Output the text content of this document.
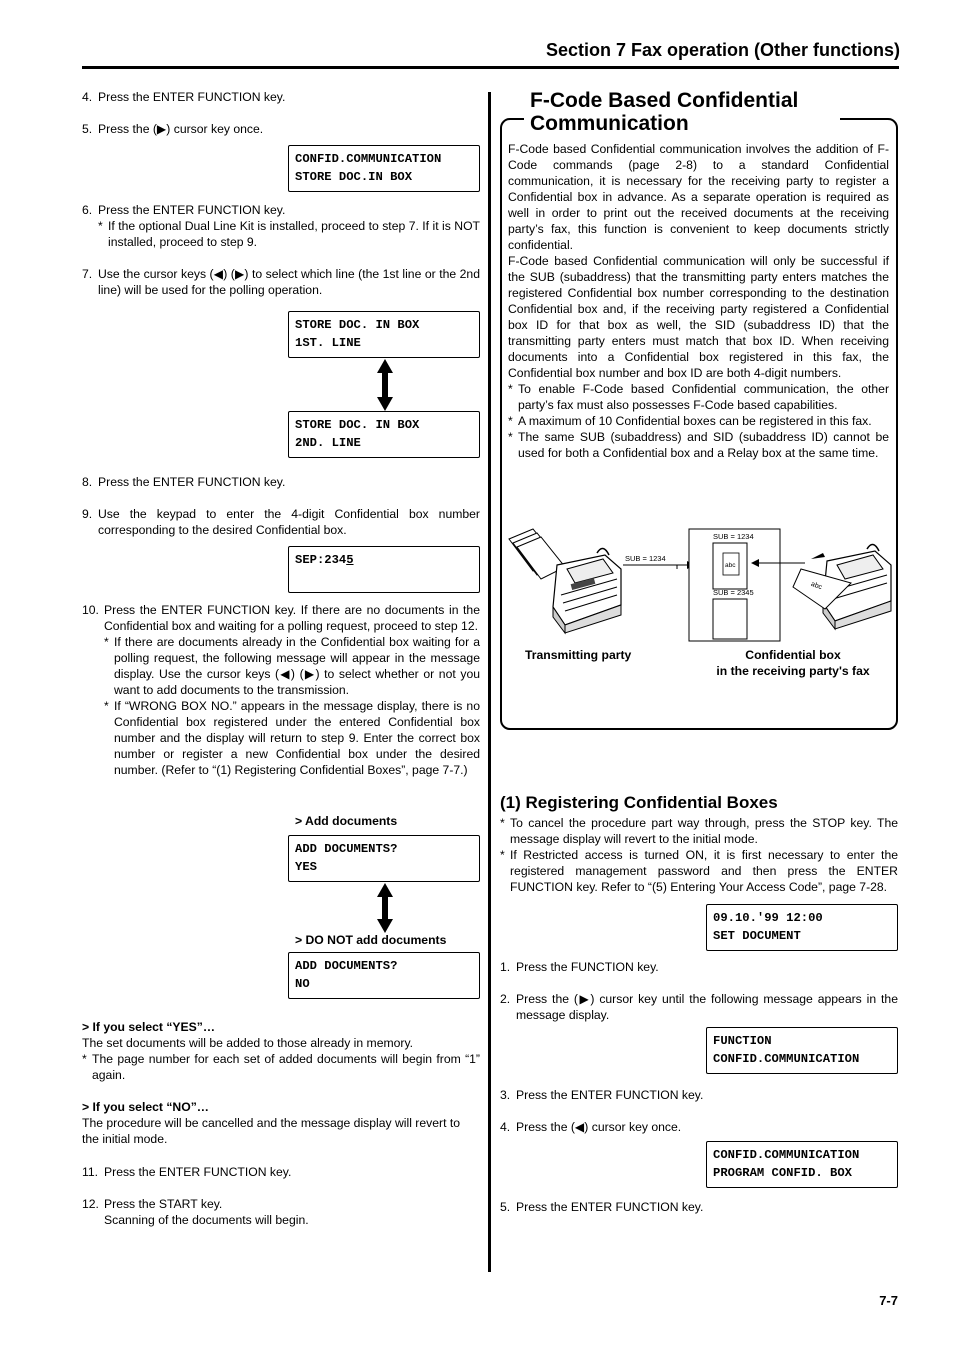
Section 7 Fax operation (Other functions)
4. Press the ENTER FUNCTION key.
5. Press the (▶) cursor key once.
CONFID.COMMUNICATION
STORE DOC.IN BOX
6. Press the ENTER FUNCTION key.
* If the optional Dual Line Kit is installed, proceed to step 7. If it is NOT installed, proceed to step 9.
7. Use the cursor keys (◀) (▶) to select which line (the 1st line or the 2nd line) will be used for the polling operation.
STORE DOC. IN BOX
1ST. LINE
STORE DOC. IN BOX
2ND. LINE
8. Press the ENTER FUNCTION key.
9. Use the keypad to enter the 4-digit Confidential box number corresponding to the desired Confidential box.
SEP:2345
10. Press the ENTER FUNCTION key. If there are no documents in the Confidential box and waiting for a polling request, proceed to step 12.
* If there are documents already in the Confidential box waiting for a polling request, the following message will appear in the message display. Use the cursor keys (◀) (▶) to select whether or not you want to add documents to the transmission.
* If “WRONG BOX NO.” appears in the message display, there is no Confidential box registered under the entered Confidential box number and the display will return to step 9. Enter the correct box number or register a new Confidential box under the desired number. (Refer to “(1) Registering Confidential Boxes”, page 7-7.)
> Add documents
ADD DOCUMENTS?
YES
> DO NOT add documents
ADD DOCUMENTS?
NO

> If you select “YES”…

The set documents will be added to those already in memory.

* The page number for each set of added documents will begin from “1” again.

> If you select “NO”…

The procedure will be cancelled and the message display will revert to the initial mode.

11. Press the ENTER FUNCTION key.
12. Press the START key.
Scanning of the documents will begin.
F-Code Based Confidential
Communication

F-Code based Confidential communication involves the addition of F-Code commands (page 2-8) to a standard Confidential communication, it is necessary for the receiving party to register a Confidential box in advance. As a separate operation is required as well in order to print out the received documents at the receiving party’s fax, this function is convenient to keep documents strictly confidential.

F-Code based Confidential communication will only be successful if the SUB (subaddress) that the transmitting party enters matches the registered Confidential box number corresponding to the destination Confidential box and, if the receiving party registered a Confidential box ID for that box as well, the SID (subaddress ID) that the transmitting party enters must match that box ID. When receiving documents into a Confidential box registered in this fax, the Confidential box number and box ID are both 4-digit numbers.

* To enable F-Code based Confidential communication, the other party’s fax must also possesses F-Code based capabilities.
* A maximum of 10 Confidential boxes can be registered in this fax.
* The same SUB (subaddress) and SID (subaddress ID) cannot be used for both a Confidential box and a Relay box at the same time.
SUB = 1234
SUB = 1234
abc
SUB = 2345
abc
Transmitting party	Confidential box
in the receiving party's fax
(1) Registering Confidential Boxes
* To cancel the procedure part way through, press the STOP key. The message display will revert to the initial mode.
* If Restricted access is turned ON, it is first necessary to enter the registered management password and then press the ENTER FUNCTION key. Refer to “(5) Entering Your Access Code”, page 7-28.
09.10.'99 12:00
SET DOCUMENT
1. Press the FUNCTION key.
2. Press the (▶) cursor key until the following message appears in the message display.
FUNCTION
CONFID.COMMUNICATION
3. Press the ENTER FUNCTION key.
4. Press the (◀) cursor key once.
CONFID.COMMUNICATION
PROGRAM CONFID. BOX
5. Press the ENTER FUNCTION key.
7-7
